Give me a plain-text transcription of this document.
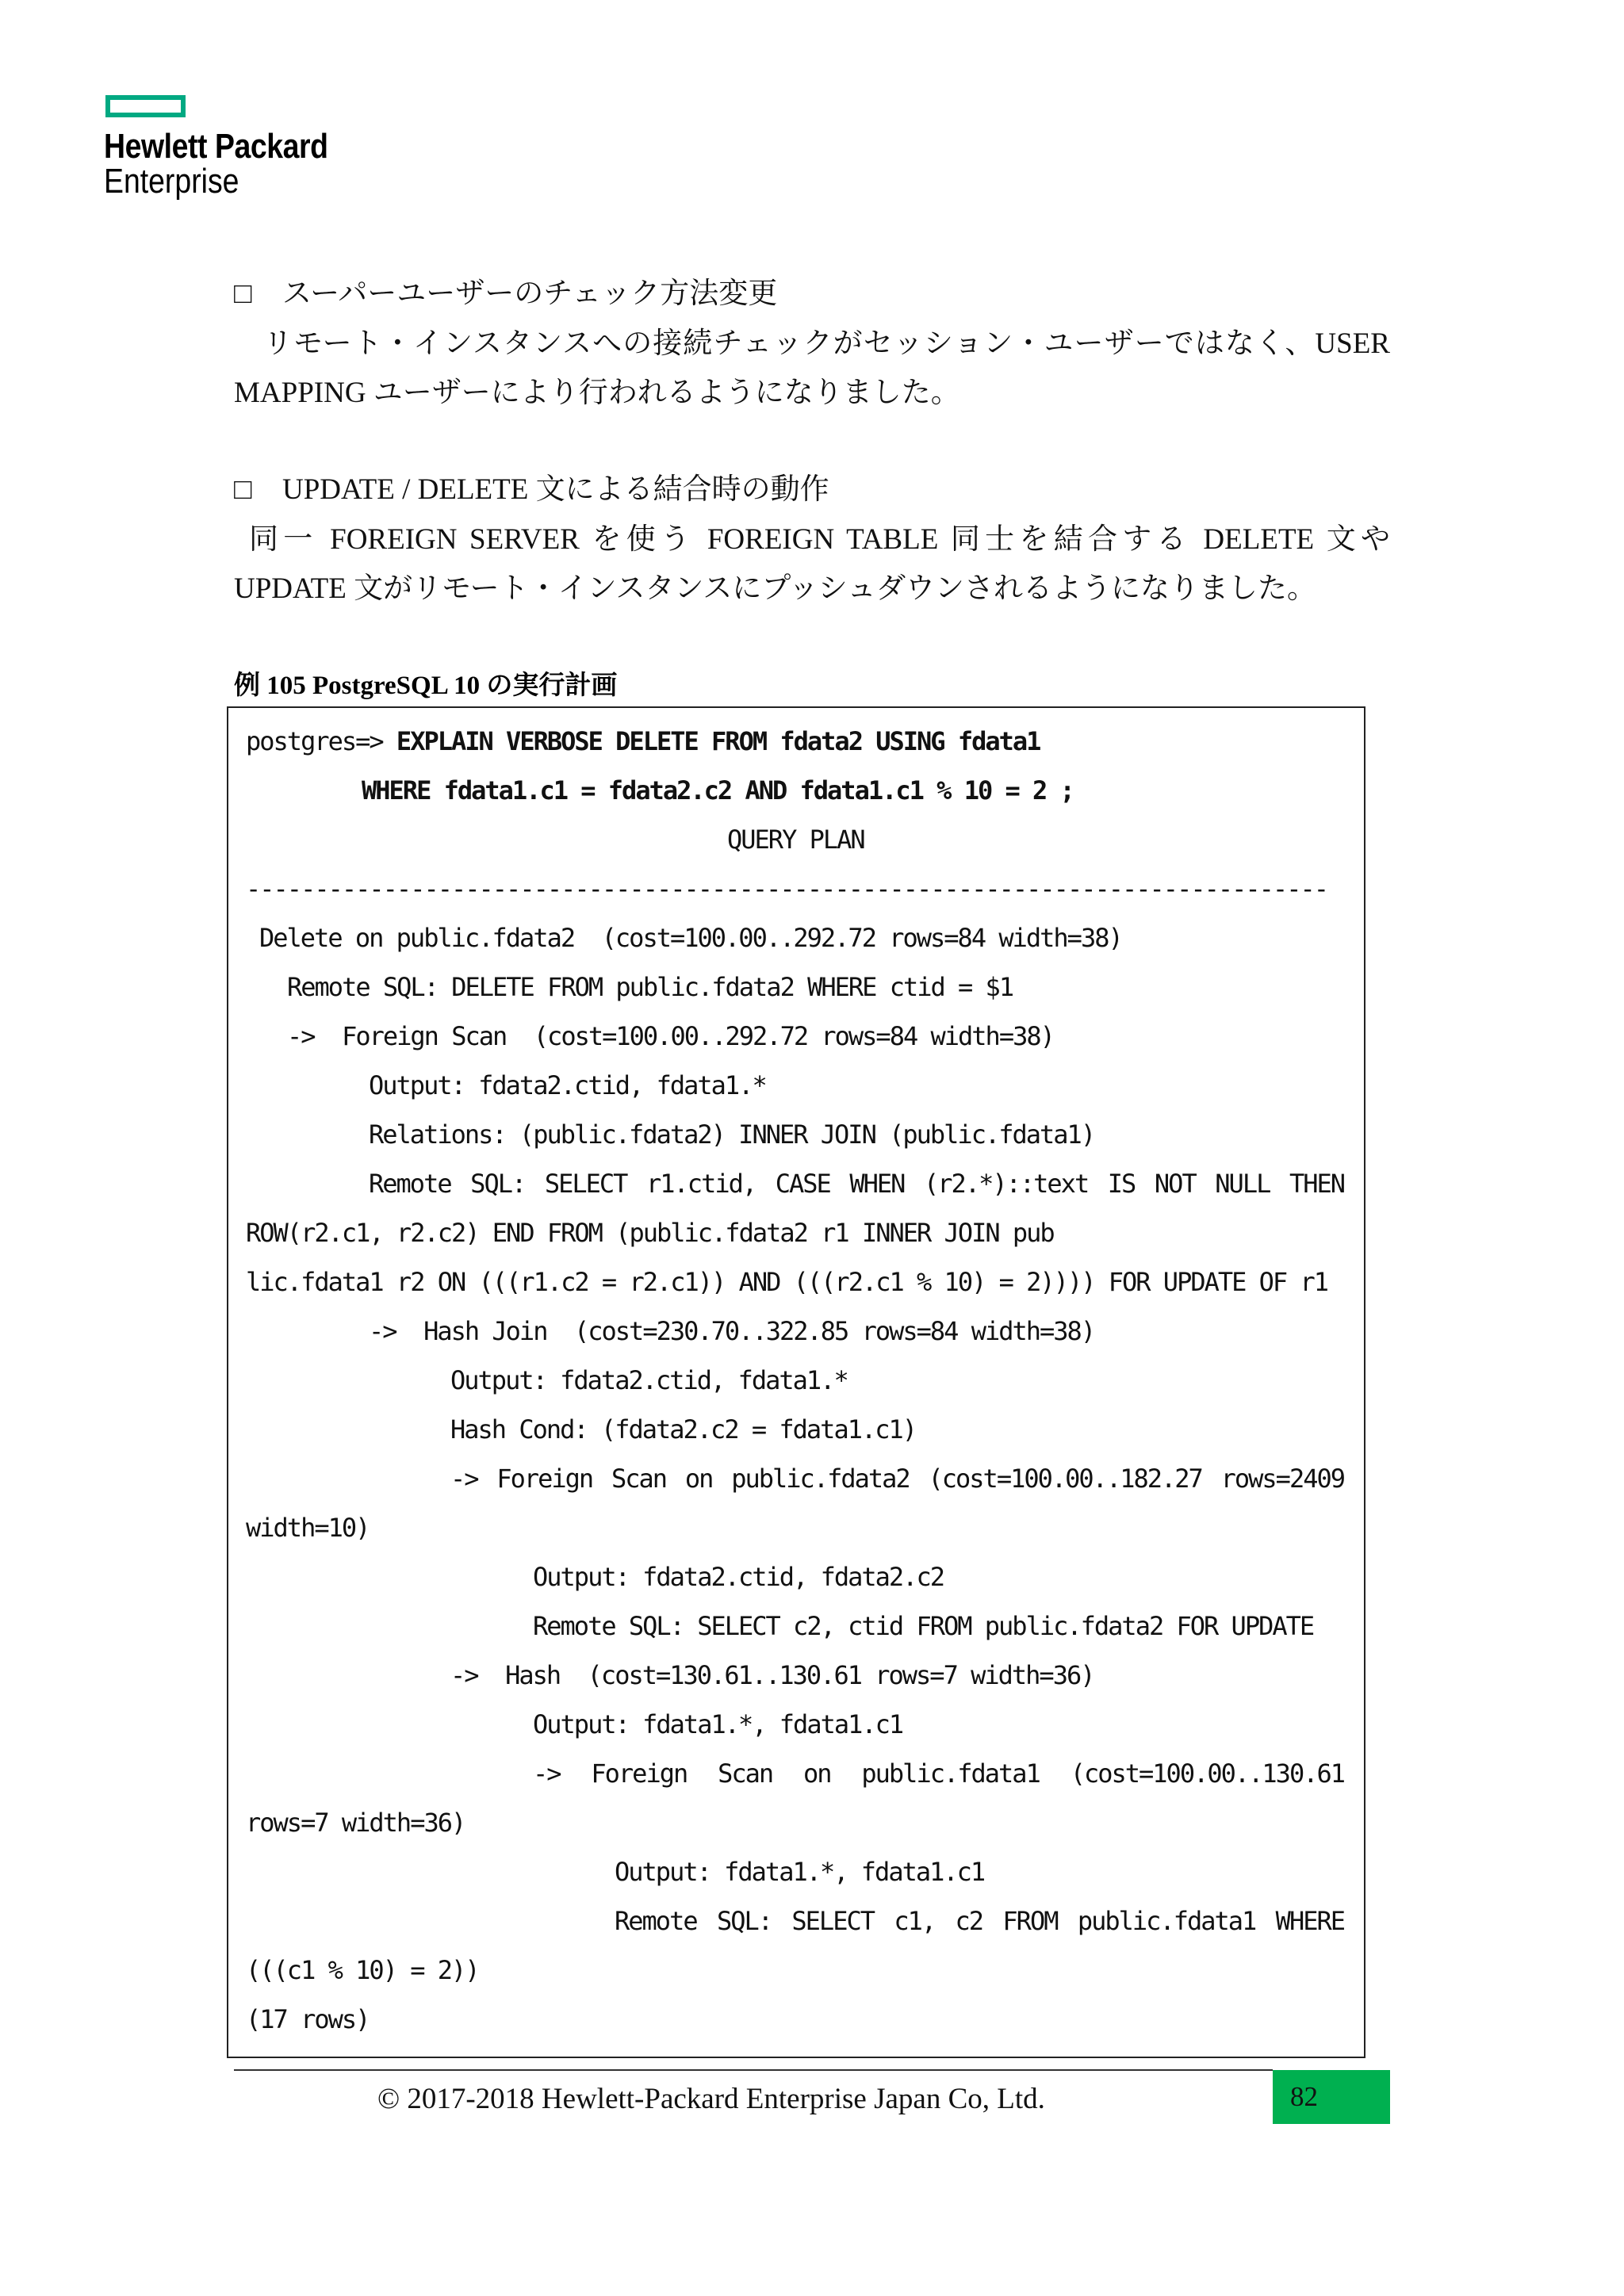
Hewlett Packard
Enterprise
□ スーパーユーザーのチェック方法変更
リモート・インスタンスへの接続チェックがセッション・ユーザーではなく、USER MAPPING ユーザーにより行われるようになりました。
□ UPDATE / DELETE 文による結合時の動作
同一 FOREIGN SERVER を使う FOREIGN TABLE 同士を結合する DELETE 文や UPDATE 文がリモート・インスタンスにプッシュダウンされるようになりました。
例 105 PostgreSQL 10 の実行計画
postgres=> EXPLAIN VERBOSE DELETE FROM fdata2 USING fdata1
WHERE fdata1.c1 = fdata2.c2 AND fdata1.c1 % 10 = 2 ;
QUERY PLAN
-------------------------------------------------------------------------------
Delete on public.fdata2  (cost=100.00..292.72 rows=84 width=38)
Remote SQL: DELETE FROM public.fdata2 WHERE ctid = $1
->  Foreign Scan  (cost=100.00..292.72 rows=84 width=38)
Output: fdata2.ctid, fdata1.*
Relations: (public.fdata2) INNER JOIN (public.fdata1)
Remote SQL: SELECT r1.ctid, CASE WHEN (r2.*)::text IS NOT NULL THEN
ROW(r2.c1, r2.c2) END FROM (public.fdata2 r1 INNER JOIN pub
lic.fdata1 r2 ON (((r1.c2 = r2.c1)) AND (((r2.c1 % 10) = 2)))) FOR UPDATE OF r1
->  Hash Join  (cost=230.70..322.85 rows=84 width=38)
Output: fdata2.ctid, fdata1.*
Hash Cond: (fdata2.c2 = fdata1.c1)
-> Foreign Scan on public.fdata2 (cost=100.00..182.27 rows=2409
width=10)
Output: fdata2.ctid, fdata2.c2
Remote SQL: SELECT c2, ctid FROM public.fdata2 FOR UPDATE
->  Hash  (cost=130.61..130.61 rows=7 width=36)
Output: fdata1.*, fdata1.c1
-> Foreign Scan on public.fdata1 (cost=100.00..130.61
rows=7 width=36)
Output: fdata1.*, fdata1.c1
Remote SQL: SELECT c1, c2 FROM public.fdata1 WHERE
(((c1 % 10) = 2))
(17 rows)
© 2017-2018 Hewlett-Packard Enterprise Japan Co, Ltd.	82
